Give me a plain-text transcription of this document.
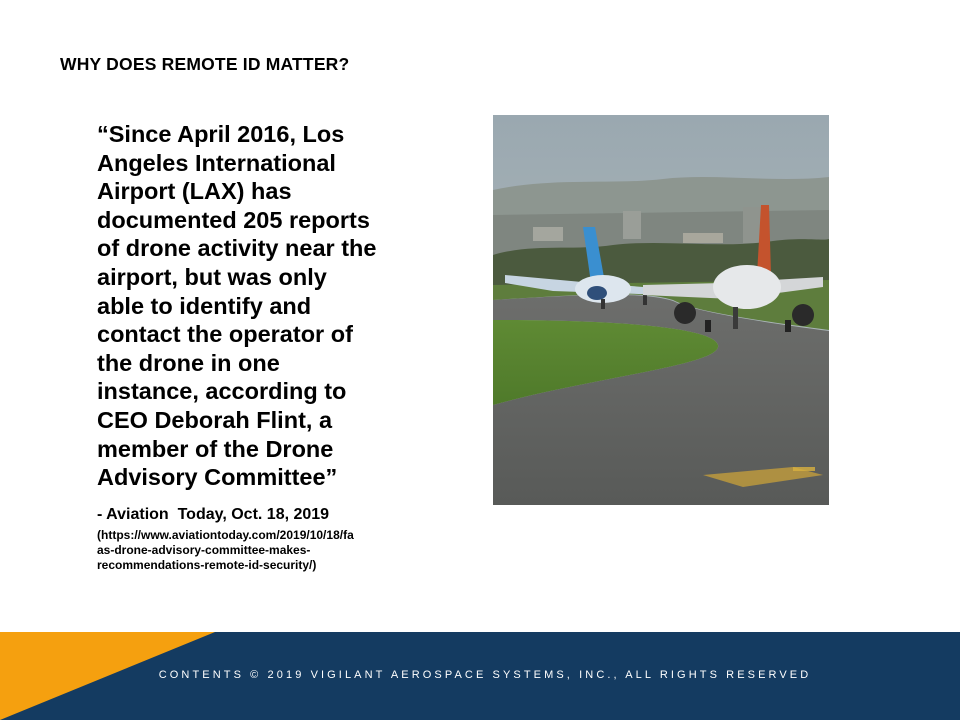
WHY DOES REMOTE ID MATTER?

“Since April 2016, Los
Angeles International
Airport (LAX) has
documented 205 reports
of drone activity near the
airport, but was only
able to identify and
contact the operator of
the drone in one
instance, according to
CEO Deborah Flint, a
member of the Drone
Advisory Committee”

- Aviation  Today, Oct. 18, 2019
(https://www.aviationtoday.com/2019/10/18/fa
as-drone-advisory-committee-makes-
recommendations-remote-id-security/)
CONTENTS © 2019 VIGILANT AEROSPACE SYSTEMS, INC., ALL RIGHTS RESERVED
